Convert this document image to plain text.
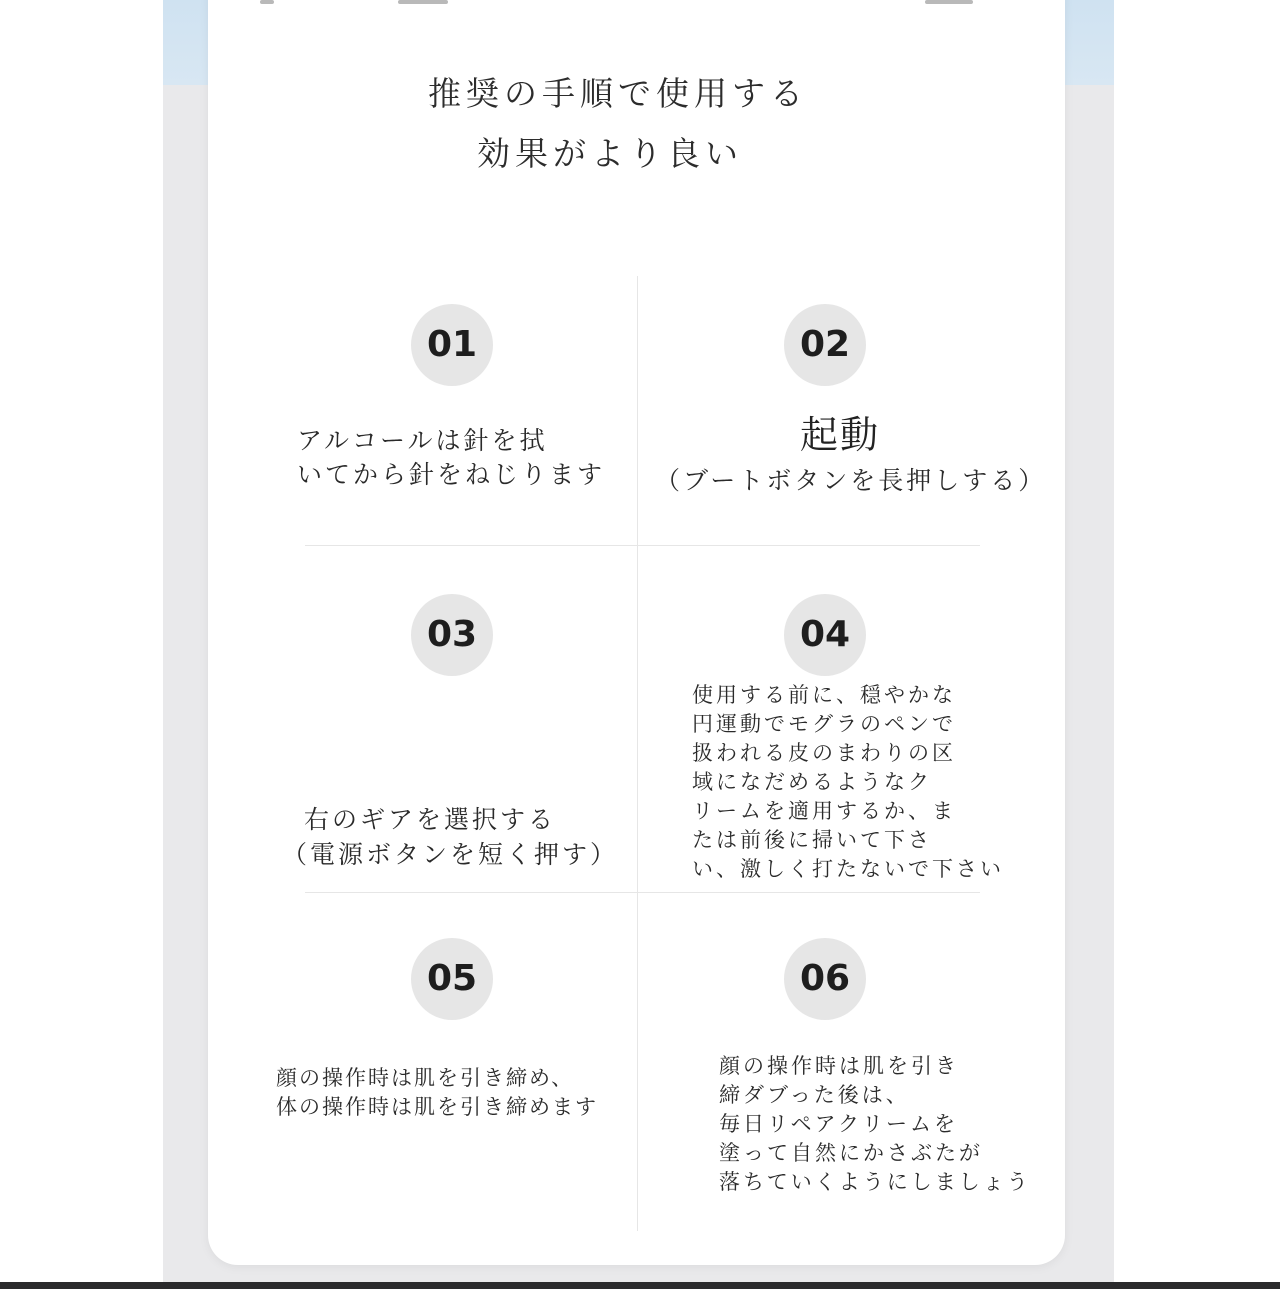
推奨の手順で使用する
効果がより良い
01
アルコールは針を拭
いてから針をねじります
02
起動
（ブートボタンを長押しする）
03
右のギアを選択する
（電源ボタンを短く押す）
04
使用する前に、穏やかな
円運動でモグラのペンで
扱われる皮のまわりの区
域になだめるようなク
リームを適用するか、ま
たは前後に掃いて下さ
い、激しく打たないで下さい
05
顔の操作時は肌を引き締め、
体の操作時は肌を引き締めます
06
顔の操作時は肌を引き
締ダブった後は、
毎日リペアクリームを
塗って自然にかさぶたが
落ちていくようにしましょう
